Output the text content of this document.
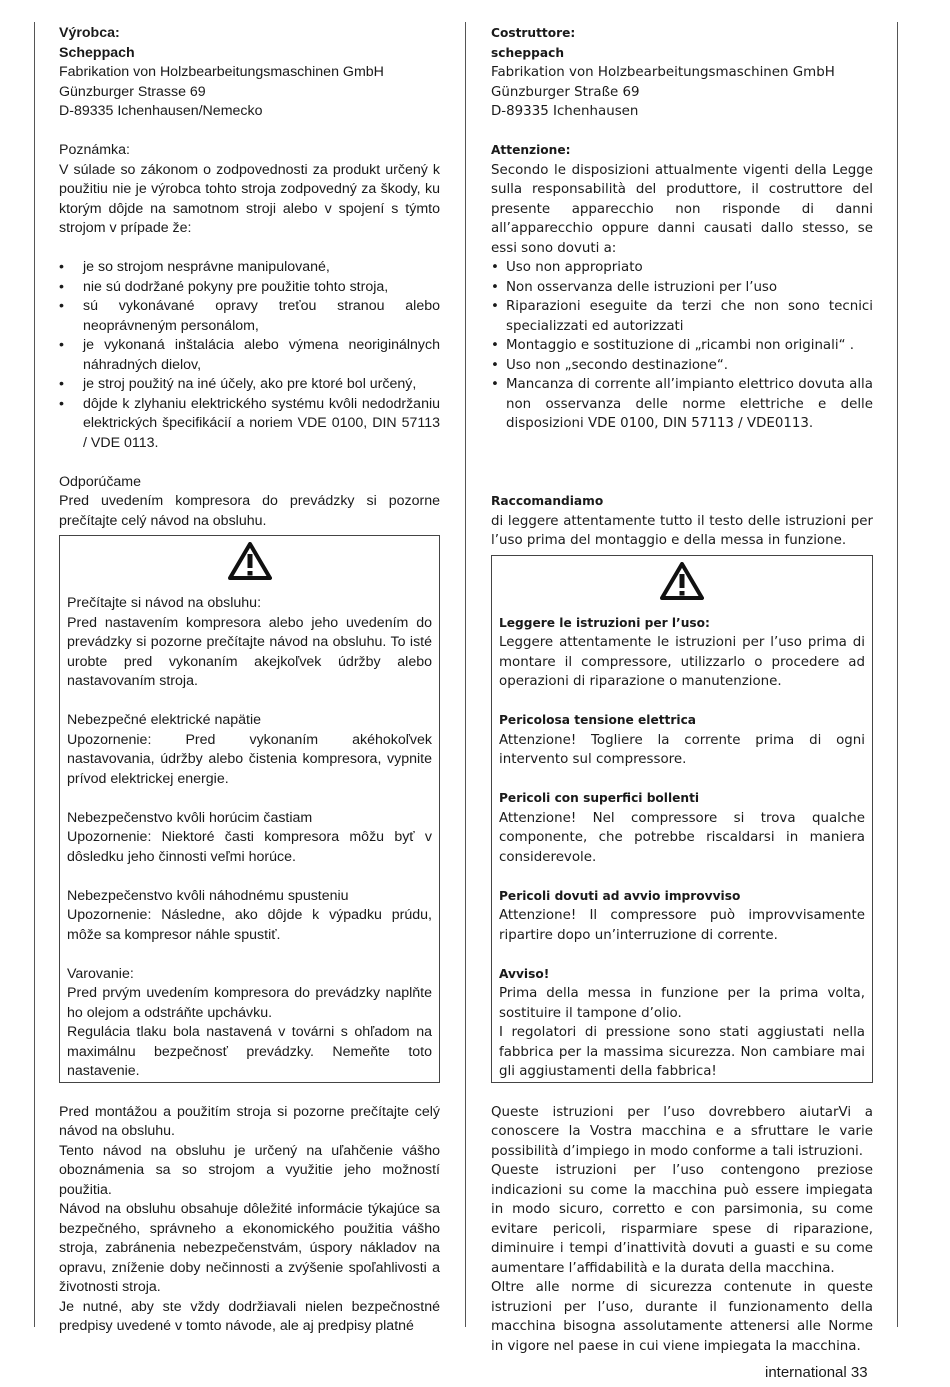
Výrobca:

Scheppach

Fabrikation von Holzbearbeitungsmaschinen GmbH

Günzburger Strasse 69

D-89335 Ichenhausen/Nemecko

Poznámka:

V súlade so zákonom o zodpovednosti za produkt určený k použitiu nie je výrobca tohto stroja zodpovedný za škody, ku ktorým dôjde na samotnom stroji alebo v spojení s týmto strojom v prípade že:

• je so strojom nesprávne manipulované,
• nie sú dodržané pokyny pre použitie tohto stroja,
• sú vykonávané opravy treťou stranou alebo neoprávneným personálom,
• je vykonaná inštalácia alebo výmena neoriginálnych náhradných dielov,
• je stroj použitý na iné účely, ako pre ktoré bol určený,
• dôjde k zlyhaniu elektrického systému kvôli nedodržaniu elektrických špecifikácií a noriem VDE 0100, DIN 57113 / VDE 0113.

Odporúčame

Pred uvedením kompresora do prevádzky si pozorne prečítajte celý návod na obsluhu.

Prečítajte si návod na obsluhu:

Pred nastavením kompresora alebo jeho uvedením do prevádzky si pozorne prečítajte návod na obsluhu. To isté urobte pred vykonaním akejkoľvek údržby alebo nastavovaním stroja.

Nebezpečné elektrické napätie

Upozornenie: Pred vykonaním akéhokoľvek nastavovania, údržby alebo čistenia kompresora, vypnite prívod elektrickej energie.

Nebezpečenstvo kvôli horúcim častiam

Upozornenie: Niektoré časti kompresora môžu byť v dôsledku jeho činnosti veľmi horúce.

Nebezpečenstvo kvôli náhodnému spusteniu

Upozornenie: Následne, ako dôjde k výpadku prúdu, môže sa kompresor náhle spustiť.

Varovanie:

Pred prvým uvedením kompresora do prevádzky naplňte ho olejom a odstráňte upchávku.

Regulácia tlaku bola nastavená v továrni s ohľadom na maximálnu bezpečnosť prevádzky. Nemeňte toto nastavenie.

Pred montážou a použitím stroja si pozorne prečítajte celý návod na obsluhu.

Tento návod na obsluhu je určený na uľahčenie vášho oboznámenia sa so strojom a využitie jeho možností použitia.

Návod na obsluhu obsahuje dôležité informácie týkajúce sa bezpečného, správneho a ekonomického použitia vášho stroja, zabránenia nebezpečenstvám, úspory nákladov na opravu, zníženie doby nečinnosti a zvýšenie spoľahlivosti a životnosti stroja.

Je nutné, aby ste vždy dodržiavali nielen bezpečnostné predpisy uvedené v tomto návode, ale aj predpisy platné

Costruttore:

scheppach

Fabrikation von Holzbearbeitungsmaschinen GmbH

Günzburger Straße 69

D-89335 Ichenhausen

Attenzione:

Secondo le disposizioni attualmente vigenti della Legge sulla responsabilità del produttore, il costruttore del presente apparecchio non risponde di danni all’apparecchio oppure danni causati dallo stesso, se essi sono dovuti a:

• Uso non appropriato
• Non osservanza delle istruzioni per l’uso
• Riparazioni eseguite da terzi che non sono tecnici specializzati ed autorizzati
• Montaggio e sostituzione di „ricambi non originali“ .
• Uso non „secondo destinazione“.
• Mancanza di corrente all’impianto elettrico dovuta alla non osservanza delle norme elettriche e delle disposizioni VDE 0100, DIN 57113 / VDE0113.

Raccomandiamo

di leggere attentamente tutto il testo delle istruzioni per l’uso prima del montaggio e della messa in funzione.

Leggere le istruzioni per l’uso:

Leggere attentamente le istruzioni per l’uso prima di montare il compressore, utilizzarlo o procedere ad operazioni di riparazione o manutenzione.

Pericolosa tensione elettrica

Attenzione! Togliere la corrente prima di ogni intervento sul compressore.

Pericoli con superfici bollenti

Attenzione! Nel compressore si trova qualche componente, che potrebbe riscaldarsi in maniera considerevole.

Pericoli dovuti ad avvio improvviso

Attenzione! Il compressore può improvvisamente ripartire dopo un’interruzione di corrente.

Avviso!

Prima della messa in funzione per la prima volta, sostituire il tampone d’olio.

I regolatori di pressione sono stati aggiustati nella fabbrica per la massima sicurezza. Non cambiare mai gli aggiustamenti della fabbrica!

Queste istruzioni per l’uso dovrebbero aiutarVi a conoscere la Vostra macchina e a sfruttare le varie possibilità d’impiego in modo conforme a tali istruzioni.

Queste istruzioni per l’uso contengono preziose indicazioni su come la macchina può essere impiegata in modo sicuro, corretto e con parsimonia, su come evitare pericoli, risparmiare spese di riparazione, diminuire i tempi d’inattività dovuti a guasti e su come aumentare l’affidabilità e la durata della macchina.

Oltre alle norme di sicurezza contenute in queste istruzioni per l’uso, durante il funzionamento della macchina bisogna assolutamente attenersi alle Norme in vigore nel paese in cui viene impiegata la macchina.

international 33
